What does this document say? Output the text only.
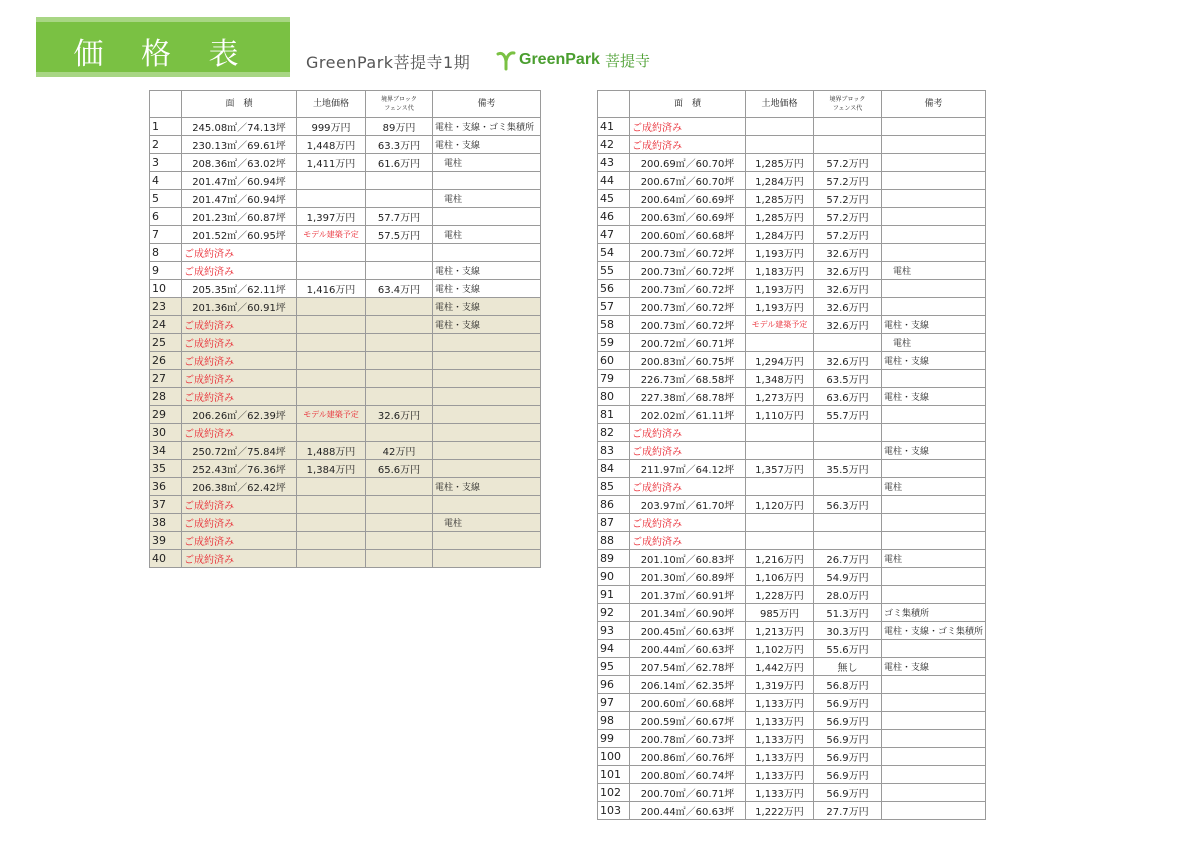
価 格 表	GreenPark菩提寺1期	GreenPark 菩提寺
	面　積	土地価格	境界ブロック
フェンス代	備考
1	245.08㎡／74.13坪	999万円	89万円	電柱・支線・ゴミ集積所
2	230.13㎡／69.61坪	1,448万円	63.3万円	電柱・支線
3	208.36㎡／63.02坪	1,411万円	61.6万円	　電柱
4	201.47㎡／60.94坪			
5	201.47㎡／60.94坪			　電柱
6	201.23㎡／60.87坪	1,397万円	57.7万円	
7	201.52㎡／60.95坪	モデル建築予定	57.5万円	　電柱
8	ご成約済み			
9	ご成約済み			電柱・支線
10	205.35㎡／62.11坪	1,416万円	63.4万円	電柱・支線
23	201.36㎡／60.91坪			電柱・支線
24	ご成約済み			電柱・支線
25	ご成約済み			
26	ご成約済み			
27	ご成約済み			
28	ご成約済み			
29	206.26㎡／62.39坪	モデル建築予定	32.6万円	
30	ご成約済み			
34	250.72㎡／75.84坪	1,488万円	42万円	
35	252.43㎡／76.36坪	1,384万円	65.6万円	
36	206.38㎡／62.42坪			電柱・支線
37	ご成約済み			
38	ご成約済み			　電柱
39	ご成約済み			
40	ご成約済み			
	面　積	土地価格	境界ブロック
フェンス代	備考
41	ご成約済み			
42	ご成約済み			
43	200.69㎡／60.70坪	1,285万円	57.2万円	
44	200.67㎡／60.70坪	1,284万円	57.2万円	
45	200.64㎡／60.69坪	1,285万円	57.2万円	
46	200.63㎡／60.69坪	1,285万円	57.2万円	
47	200.60㎡／60.68坪	1,284万円	57.2万円	
54	200.73㎡／60.72坪	1,193万円	32.6万円	
55	200.73㎡／60.72坪	1,183万円	32.6万円	　電柱
56	200.73㎡／60.72坪	1,193万円	32.6万円	
57	200.73㎡／60.72坪	1,193万円	32.6万円	
58	200.73㎡／60.72坪	モデル建築予定	32.6万円	電柱・支線
59	200.72㎡／60.71坪			　電柱
60	200.83㎡／60.75坪	1,294万円	32.6万円	電柱・支線
79	226.73㎡／68.58坪	1,348万円	63.5万円	
80	227.38㎡／68.78坪	1,273万円	63.6万円	電柱・支線
81	202.02㎡／61.11坪	1,110万円	55.7万円	
82	ご成約済み			
83	ご成約済み			電柱・支線
84	211.97㎡／64.12坪	1,357万円	35.5万円	
85	ご成約済み			電柱
86	203.97㎡／61.70坪	1,120万円	56.3万円	
87	ご成約済み			
88	ご成約済み			
89	201.10㎡／60.83坪	1,216万円	26.7万円	電柱
90	201.30㎡／60.89坪	1,106万円	54.9万円	
91	201.37㎡／60.91坪	1,228万円	28.0万円	
92	201.34㎡／60.90坪	985万円	51.3万円	ゴミ集積所
93	200.45㎡／60.63坪	1,213万円	30.3万円	電柱・支線・ゴミ集積所
94	200.44㎡／60.63坪	1,102万円	55.6万円	
95	207.54㎡／62.78坪	1,442万円	無し	電柱・支線
96	206.14㎡／62.35坪	1,319万円	56.8万円	
97	200.60㎡／60.68坪	1,133万円	56.9万円	
98	200.59㎡／60.67坪	1,133万円	56.9万円	
99	200.78㎡／60.73坪	1,133万円	56.9万円	
100	200.86㎡／60.76坪	1,133万円	56.9万円	
101	200.80㎡／60.74坪	1,133万円	56.9万円	
102	200.70㎡／60.71坪	1,133万円	56.9万円	
103	200.44㎡／60.63坪	1,222万円	27.7万円	
